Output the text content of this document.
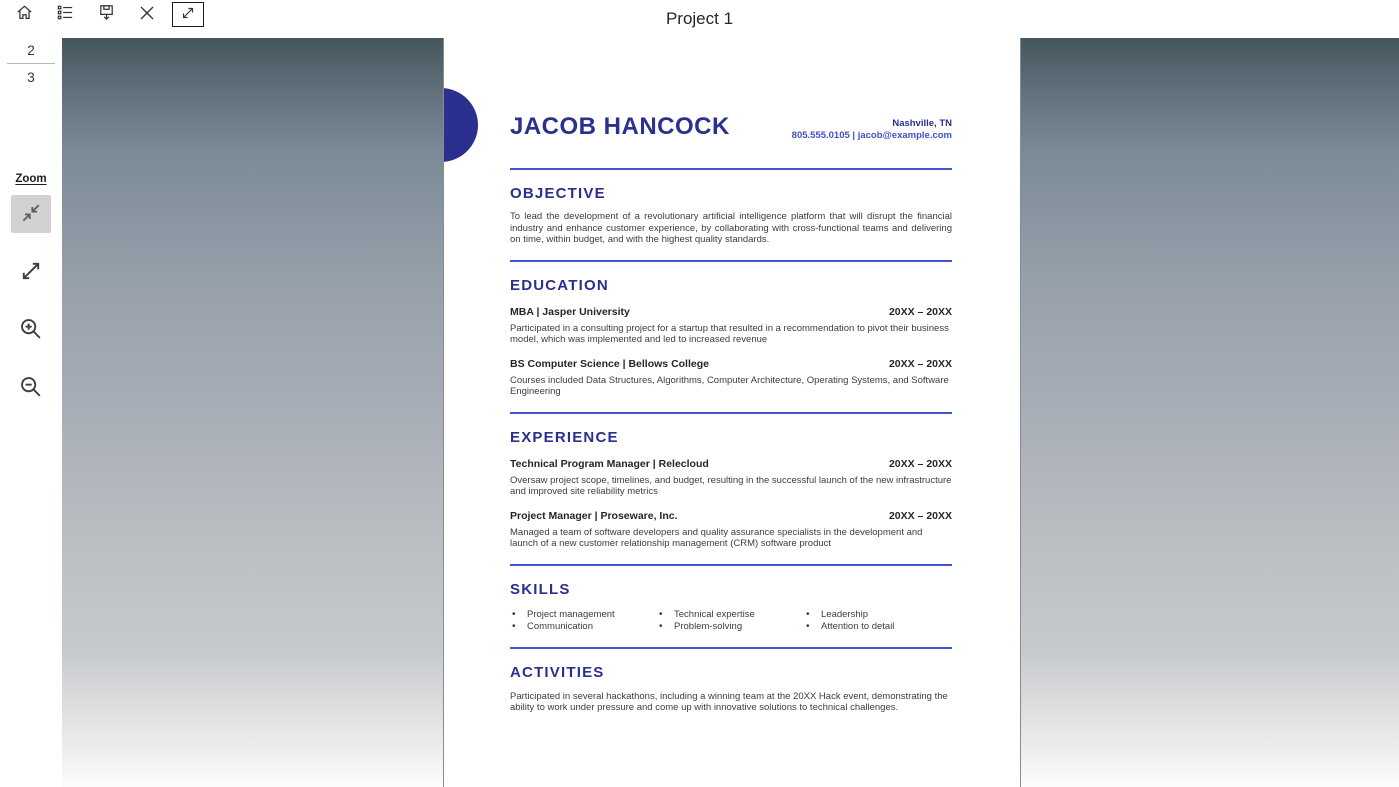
Project 1
2
3
Zoom
JACOB HANCOCK	Nashville, TN
805.555.0105 | jacob@example.com
OBJECTIVE
To lead the development of a revolutionary artificial intelligence platform that will disrupt the financial industry and enhance customer experience, by collaborating with cross-functional teams and delivering on time, within budget, and with the highest quality standards.
EDUCATION
MBA | Jasper University	20XX – 20XX
Participated in a consulting project for a startup that resulted in a recommendation to pivot their business model, which was implemented and led to increased revenue
BS Computer Science | Bellows College	20XX – 20XX
Courses included Data Structures, Algorithms, Computer Architecture, Operating Systems, and Software Engineering
EXPERIENCE
Technical Program Manager | Relecloud	20XX – 20XX
Oversaw project scope, timelines, and budget, resulting in the successful launch of the new infrastructure and improved site reliability metrics
Project Manager | Proseware, Inc.	20XX – 20XX
Managed a team of software developers and quality assurance specialists in the development and launch of a new customer relationship management (CRM) software product
SKILLS
• Project management
• Communication
• Technical expertise
• Problem-solving
• Leadership
• Attention to detail
ACTIVITIES
Participated in several hackathons, including a winning team at the 20XX Hack event, demonstrating the ability to work under pressure and come up with innovative solutions to technical challenges.
